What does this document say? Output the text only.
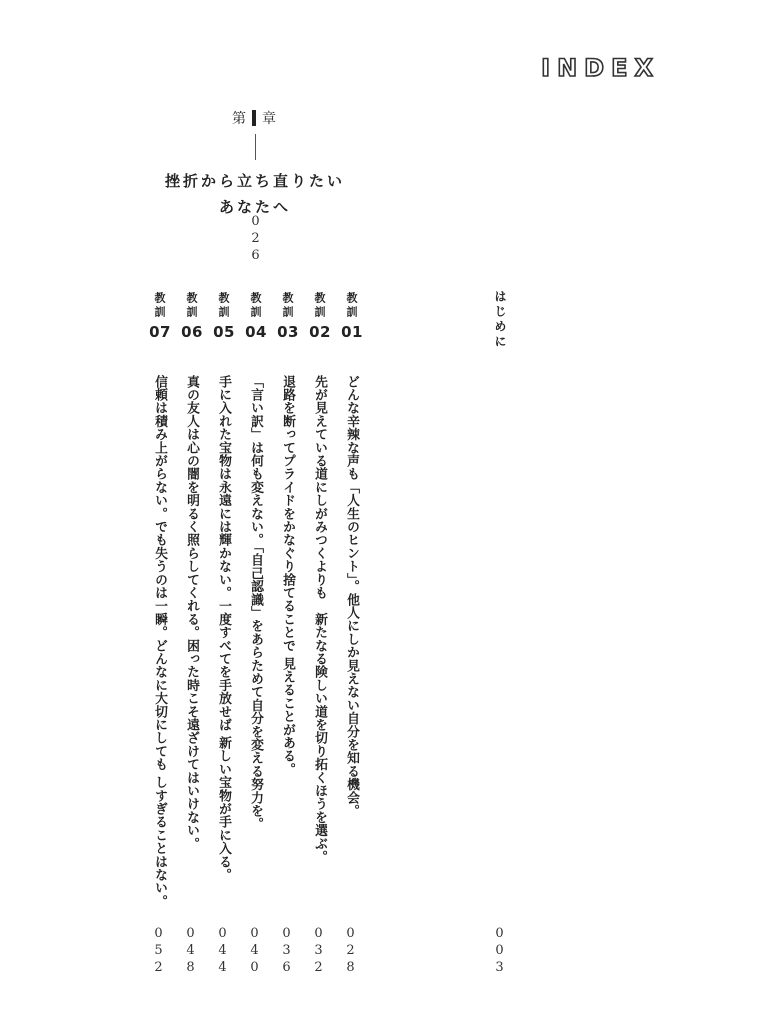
INDEX
第 章
挫折から立ち直りたい
あなたへ
026
はじめに
003
教訓
01
どんな辛辣な声も「人生のヒント」。他人にしか見えない自分を知る機会。
028
教訓
02
先が見えている道にしがみつくよりも　新たなる険しい道を切り拓くほうを選ぶ。
032
教訓
03
退路を断ってプライドをかなぐり捨てることで 見えることがある。
036
教訓
04
「言い訳」は何も変えない。「自己認識」をあらためて自分を変える努力を。
040
教訓
05
手に入れた宝物は永遠には輝かない。一度すべてを手放せば 新しい宝物が手に入る。
044
教訓
06
真の友人は心の闇を明るく照らしてくれる。困った時こそ遠ざけてはいけない。
048
教訓
07
信頼は積み上がらない。でも失うのは一瞬。どんなに大切にしても しすぎることはない。
052
